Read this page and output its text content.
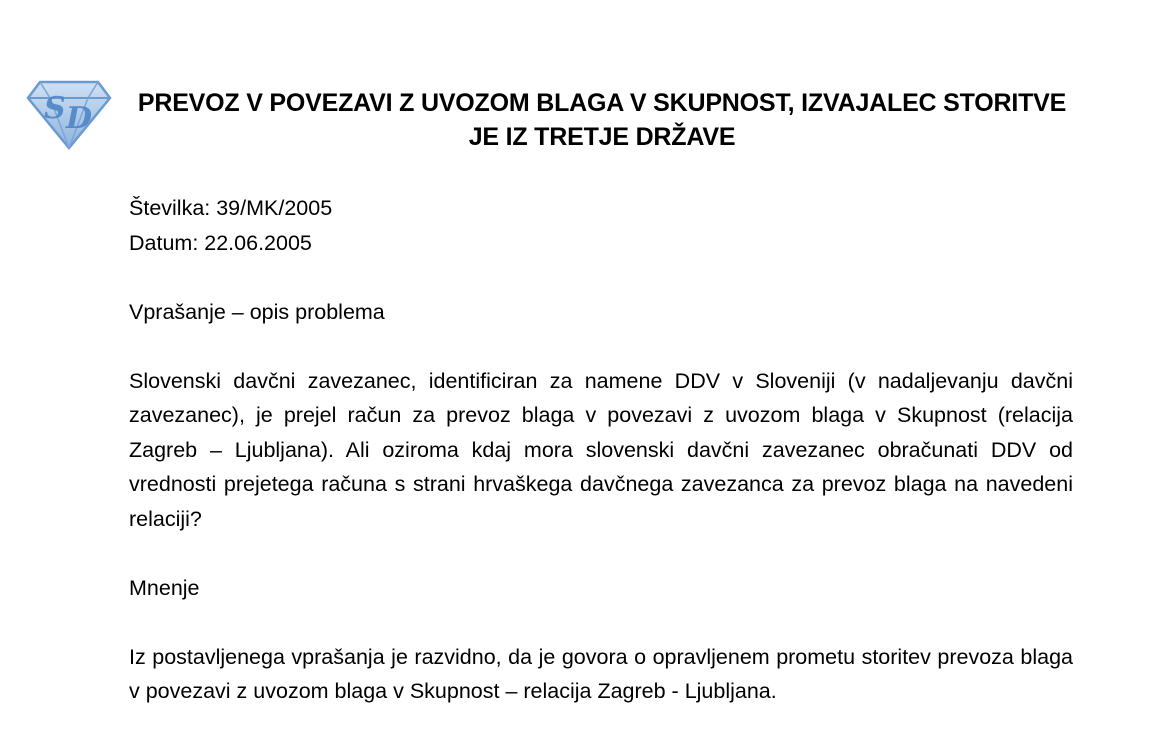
S D	PREVOZ V POVEZAVI Z UVOZOM BLAGA V SKUPNOST, IZVAJALEC STORITVE JE IZ TRETJE DRŽAVE

Številka: 39/MK/2005

Datum: 22.06.2005

Vprašanje – opis problema

Slovenski davčni zavezanec, identificiran za namene DDV v Sloveniji (v nadaljevanju davčni zavezanec), je prejel račun za prevoz blaga v povezavi z uvozom blaga v Skupnost (relacija Zagreb – Ljubljana). Ali oziroma kdaj mora slovenski davčni zavezanec obračunati DDV od vrednosti prejetega računa s strani hrvaškega davčnega zavezanca za prevoz blaga na navedeni relaciji?

Mnenje

Iz postavljenega vprašanja je razvidno, da je govora o opravljenem prometu storitev prevoza blaga v povezavi z uvozom blaga v Skupnost – relacija Zagreb - Ljubljana.
